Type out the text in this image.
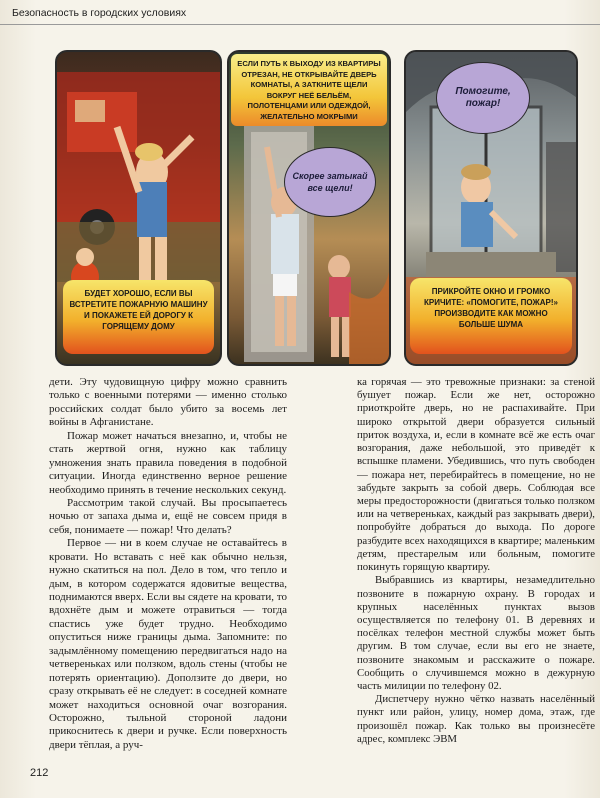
Безопасность в городских условиях
БУДЕТ ХОРОШО, ЕСЛИ ВЫ ВСТРЕТИТЕ ПОЖАРНУЮ МАШИНУ И ПОКАЖЕТЕ ЕЙ ДОРОГУ К ГОРЯЩЕМУ ДОМУ
ЕСЛИ ПУТЬ К ВЫХОДУ ИЗ КВАРТИРЫ ОТРЕЗАН, НЕ ОТКРЫВАЙТЕ ДВЕРЬ КОМНАТЫ, А ЗАТКНИТЕ ЩЕЛИ ВОКРУГ НЕЁ БЕЛЬЁМ, ПОЛОТЕНЦАМИ ИЛИ ОДЕЖДОЙ, ЖЕЛАТЕЛЬНО МОКРЫМИ
Скорее затыкай все щели!
Помогите, пожар!
ПРИКРОЙТЕ ОКНО И ГРОМКО КРИЧИТЕ: «ПОМОГИТЕ, ПОЖАР!» ПРОИЗВОДИТЕ КАК МОЖНО БОЛЬШЕ ШУМА

дети. Эту чудовищную цифру можно сравнить только с военными потерями — именно столько российских солдат было убито за восемь лет войны в Афганистане.

Пожар может начаться внезапно, и, чтобы не стать жертвой огня, нужно как таблицу умножения знать правила поведения в подобной ситуации. Иногда единственно верное решение необходимо принять в течение нескольких секунд.

Рассмотрим такой случай. Вы просыпаетесь ночью от запаха дыма и, ещё не совсем придя в себя, понимаете — пожар! Что делать?

Первое — ни в коем случае не оставайтесь в кровати. Но вставать с неё как обычно нельзя, нужно скатиться на пол. Дело в том, что тепло и дым, в котором содержатся ядовитые вещества, поднимаются вверх. Если вы сядете на кровати, то вдохнёте дым и можете отравиться — тогда спастись уже будет трудно. Необходимо опуститься ниже границы дыма. Запомните: по задымлённому помещению передвигаться надо на четвереньках или ползком, вдоль стены (чтобы не потерять ориентацию). Доползите до двери, но сразу открывать её не следует: в соседней комнате может находиться основной очаг возгорания. Осторожно, тыльной стороной ладони прикоснитесь к двери и ручке. Если поверхность двери тёплая, а руч-

ка горячая — это тревожные признаки: за стеной бушует пожар. Если же нет, осторожно приоткройте дверь, но не распахивайте. При широко открытой двери образуется сильный приток воздуха, и, если в комнате всё же есть очаг возгорания, даже небольшой, это приведёт к вспышке пламени. Убедившись, что путь свободен — пожара нет, перебирайтесь в помещение, но не забудьте закрыть за собой дверь. Соблюдая все меры предосторожности (двигаться только ползком или на четвереньках, каждый раз закрывать двери), попробуйте добраться до выхода. По дороге разбудите всех находящихся в квартире; маленьким детям, престарелым или больным, помогите покинуть горящую квартиру.

Выбравшись из квартиры, незамедлительно позвоните в пожарную охрану. В городах и крупных населённых пунктах вызов осуществляется по телефону 01. В деревнях и посёлках телефон местной службы может быть другим. В том случае, если вы его не знаете, позвоните знакомым и расскажите о пожаре. Сообщить о случившемся можно в дежурную часть милиции по телефону 02.

Диспетчеру нужно чётко назвать населённый пункт или район, улицу, номер дома, этаж, где произошёл пожар. Как только вы произнесёте адрес, комплекс ЭВМ

212
